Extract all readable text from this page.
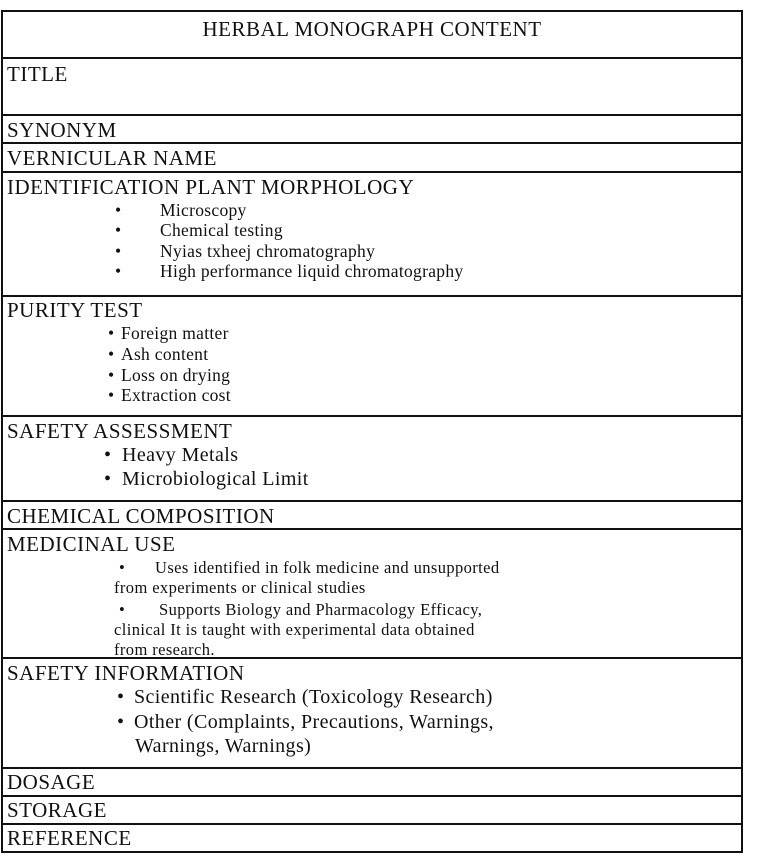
HERBAL MONOGRAPH CONTENT
TITLE
SYNONYM
VERNICULAR NAME
IDENTIFICATION PLANT MORPHOLOGY
• Microscopy
• Chemical testing
• Nyias txheej chromatography
• High performance liquid chromatography
PURITY TEST
• Foreign matter
• Ash content
• Loss on drying
• Extraction cost
SAFETY ASSESSMENT
• Heavy Metals
• Microbiological Limit
CHEMICAL COMPOSITION
MEDICINAL USE
• Uses identified in folk medicine and unsupported
from experiments or clinical studies
• Supports Biology and Pharmacology Efficacy,
clinical It is taught with experimental data obtained
from research.
SAFETY INFORMATION
• Scientific Research (Toxicology Research)
• Other (Complaints, Precautions, Warnings,
Warnings, Warnings)
DOSAGE
STORAGE
REFERENCE
